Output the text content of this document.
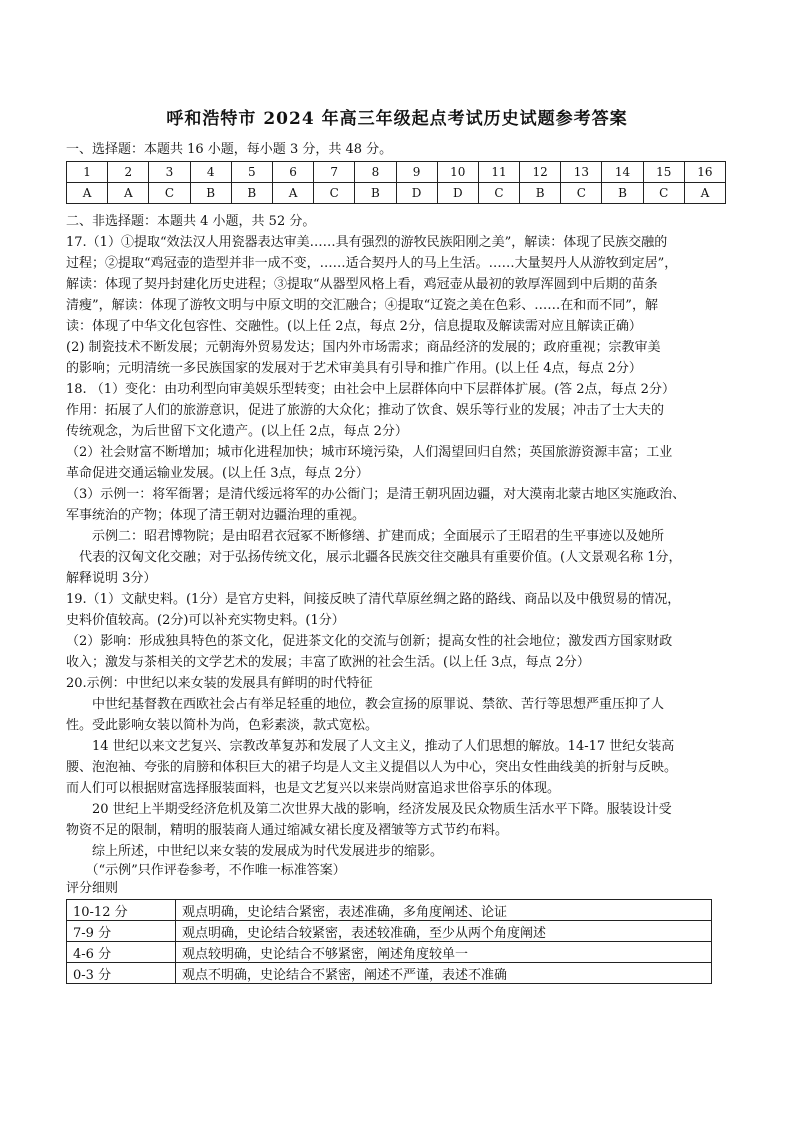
呼和浩特市 2024 年高三年级起点考试历史试题参考答案
一、选择题：本题共 16 小题，每小题 3 分，共 48 分。
1	2	3	4	5	6	7	8	9	10	11	12	13	14	15	16
A	A	C	B	B	A	C	B	D	D	C	B	C	B	C	A
二、非选择题：本题共 4 小题，共 52 分。
17.（1）①提取“效法汉人用瓷器表达审美……具有强烈的游牧民族阳刚之美”，解读：体现了民族交融的
过程；②提取“鸡冠壶的造型并非一成不变，……适合契丹人的马上生活。……大量契丹人从游牧到定居”，
解读：体现了契丹封建化历史进程；③提取“从器型风格上看，鸡冠壶从最初的敦厚浑圆到中后期的苗条
清瘦”，解读：体现了游牧文明与中原文明的交汇融合；④提取“辽瓷之美在色彩、……在和而不同”，解
读：体现了中华文化包容性、交融性。(以上任 2点，每点 2分，信息提取及解读需对应且解读正确）
(2) 制瓷技术不断发展；元朝海外贸易发达；国内外市场需求；商品经济的发展的；政府重视；宗教审美
的影响；元明清统一多民族国家的发展对于艺术审美具有引导和推广作用。(以上任 4点，每点 2分）
18. （1）变化：由功利型向审美娱乐型转变；由社会中上层群体向中下层群体扩展。(答 2点，每点 2分）
作用：拓展了人们的旅游意识，促进了旅游的大众化；推动了饮食、娱乐等行业的发展；冲击了士大夫的
传统观念，为后世留下文化遗产。(以上任 2点，每点 2分）
（2）社会财富不断增加；城市化进程加快；城市环境污染，人们渴望回归自然；英国旅游资源丰富；工业
革命促进交通运输业发展。(以上任 3点，每点 2分）
（3）示例一：将军衙署；是清代绥远将军的办公衙门；是清王朝巩固边疆，对大漠南北蒙古地区实施政治、
军事统治的产物；体现了清王朝对边疆治理的重视。
　　示例二：昭君博物院；是由昭君衣冠冢不断修缮、扩建而成；全面展示了王昭君的生平事迹以及她所
　代表的汉匈文化交融；对于弘扬传统文化，展示北疆各民族交往交融具有重要价值。(人文景观名称 1分，
解释说明 3分）
19.（1）文献史料。(1分）是官方史料，间接反映了清代草原丝绸之路的路线、商品以及中俄贸易的情况，
史料价值较高。(2分)可以补充实物史料。(1分）
（2）影响：形成独具特色的茶文化，促进茶文化的交流与创新；提高女性的社会地位；激发西方国家财政
收入；激发与茶相关的文学艺术的发展；丰富了欧洲的社会生活。(以上任 3点，每点 2分）
20.示例：中世纪以来女装的发展具有鲜明的时代特征
　　中世纪基督教在西欧社会占有举足轻重的地位，教会宣扬的原罪说、禁欲、苦行等思想严重压抑了人
性。受此影响女装以简朴为尚，色彩素淡，款式宽松。
　　14 世纪以来文艺复兴、宗教改革复苏和发展了人文主义，推动了人们思想的解放。14-17 世纪女装高
腰、泡泡袖、夸张的肩膀和体积巨大的裙子均是人文主义提倡以人为中心，突出女性曲线美的折射与反映。
而人们可以根据财富选择服装面料，也是文艺复兴以来崇尚财富追求世俗享乐的体现。
　　20 世纪上半期受经济危机及第二次世界大战的影响，经济发展及民众物质生活水平下降。服装设计受
物资不足的限制，精明的服装商人通过缩减女裙长度及褶皱等方式节约布料。
　　综上所述，中世纪以来女装的发展成为时代发展进步的缩影。
　　（“示例”只作评卷参考，不作唯一标准答案）
评分细则
10-12 分	观点明确，史论结合紧密，表述准确，多角度阐述、论证
7-9 分	观点明确，史论结合较紧密，表述较准确，至少从两个角度阐述
4-6 分	观点较明确，史论结合不够紧密，阐述角度较单一
0-3 分	观点不明确，史论结合不紧密，阐述不严谨，表述不准确
